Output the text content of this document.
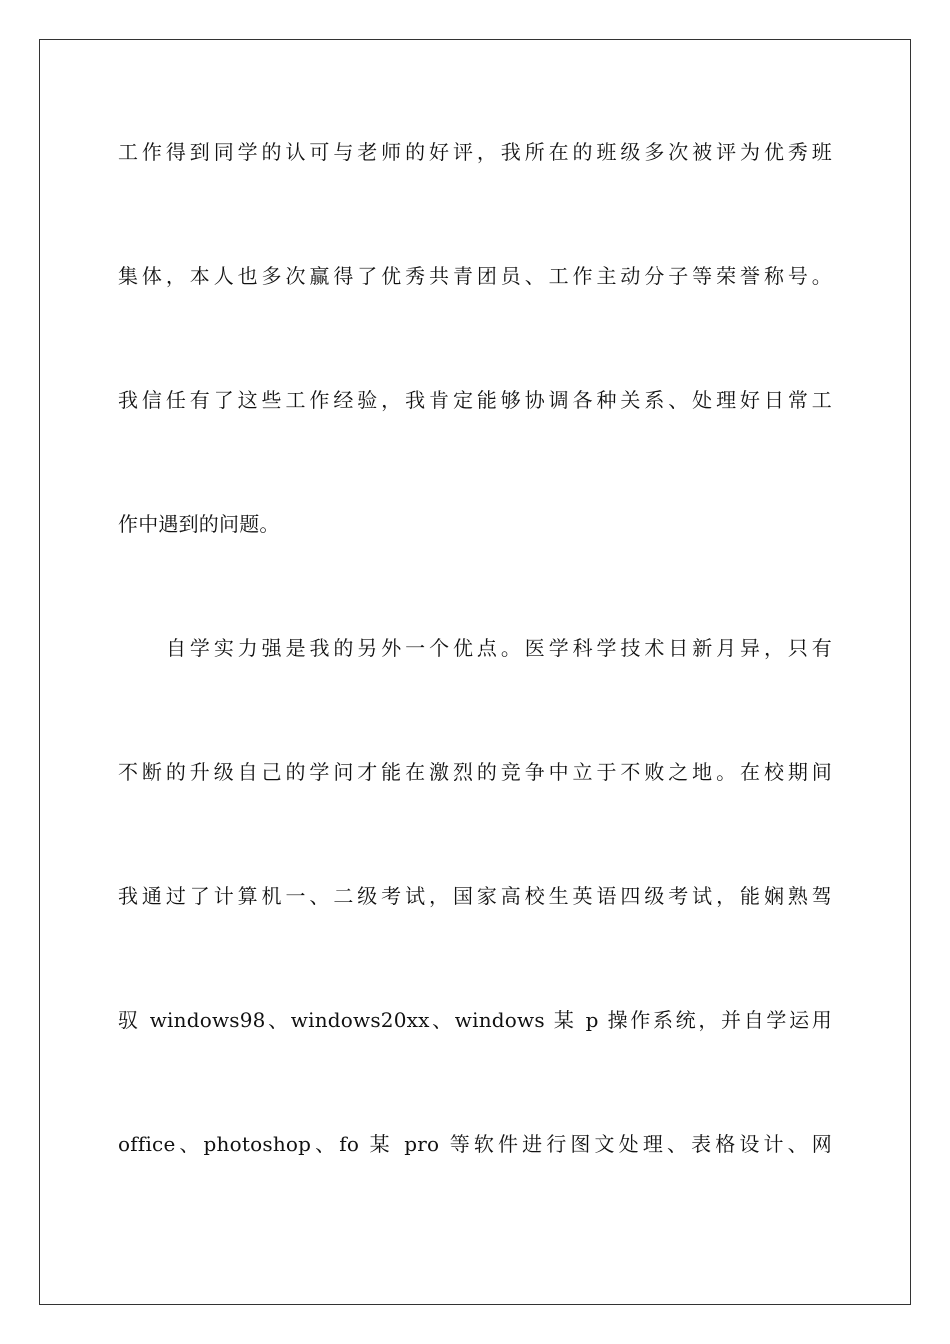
工作得到同学的认可与老师的好评，我所在的班级多次被评为优秀班
集体，本人也多次赢得了优秀共青团员、工作主动分子等荣誉称号。
我信任有了这些工作经验，我肯定能够协调各种关系、处理好日常工
作中遇到的问题。
自学实力强是我的另外一个优点。医学科学技术日新月异，只有
不断的升级自己的学问才能在激烈的竞争中立于不败之地。在校期间
我通过了计算机一、二级考试，国家高校生英语四级考试，能娴熟驾
驭 windows98、windows20xx、windows 某 p 操作系统，并自学运用
office、photoshop、fo 某 pro 等软件进行图文处理、表格设计、网
